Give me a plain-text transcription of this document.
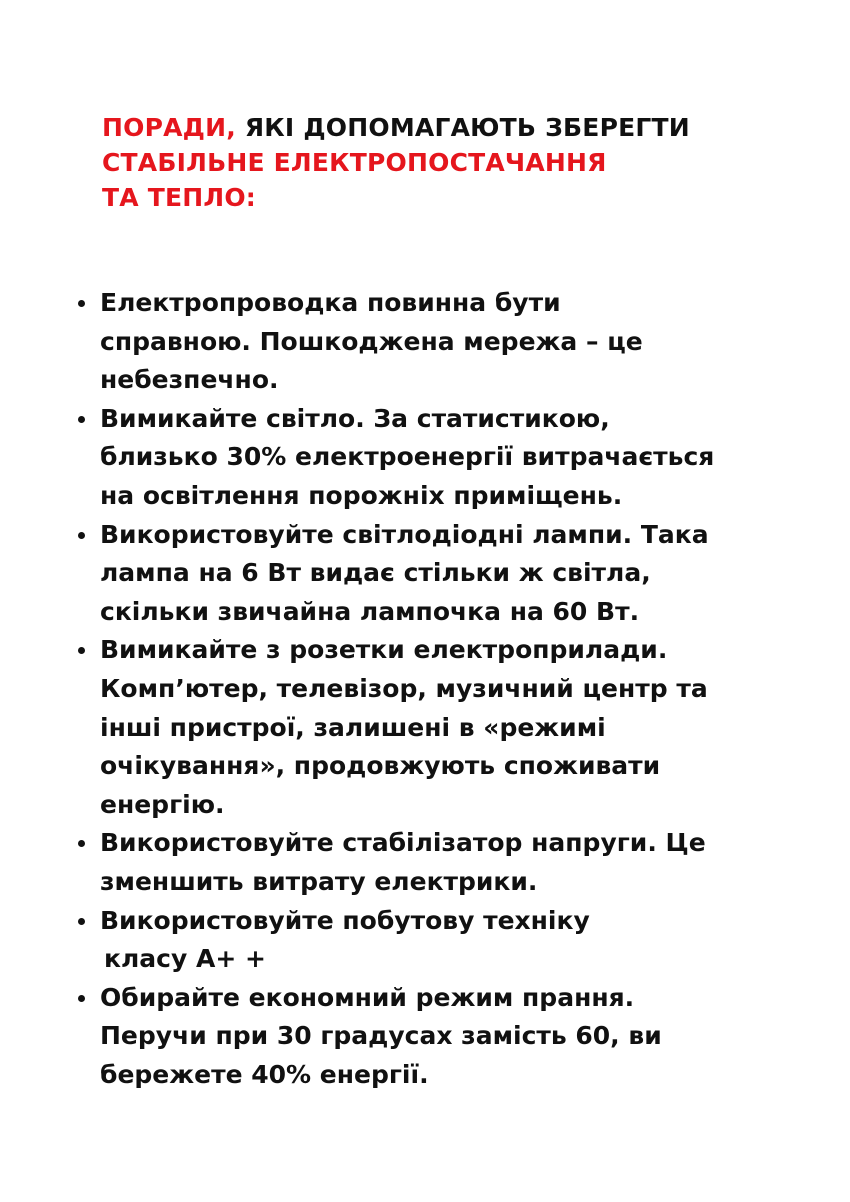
ПОРАДИ, ЯКІ ДОПОМАГАЮТЬ ЗБЕРЕГТИ
СТАБІЛЬНЕ ЕЛЕКТРОПОСТАЧАННЯ
ТА ТЕПЛО:
Електропроводка повинна бути
справною. Пошкоджена мережа – це
небезпечно.
Вимикайте світло. За статистикою,
близько 30% електроенергії витрачається
на освітлення порожніх приміщень.
Використовуйте світлодіодні лампи. Така
лампа на 6 Вт видає стільки ж світла,
скільки звичайна лампочка на 60 Вт.
Вимикайте з розетки електроприлади.
Комп’ютер, телевізор, музичний центр та
інші пристрої, залишені в «режимі
очікування», продовжують споживати
енергію.
Використовуйте стабілізатор напруги. Це
зменшить витрату електрики.
Використовуйте побутову техніку
класу А+ +
Обирайте економний режим прання.
Перучи при 30 градусах замість 60, ви
бережете 40% енергії.
